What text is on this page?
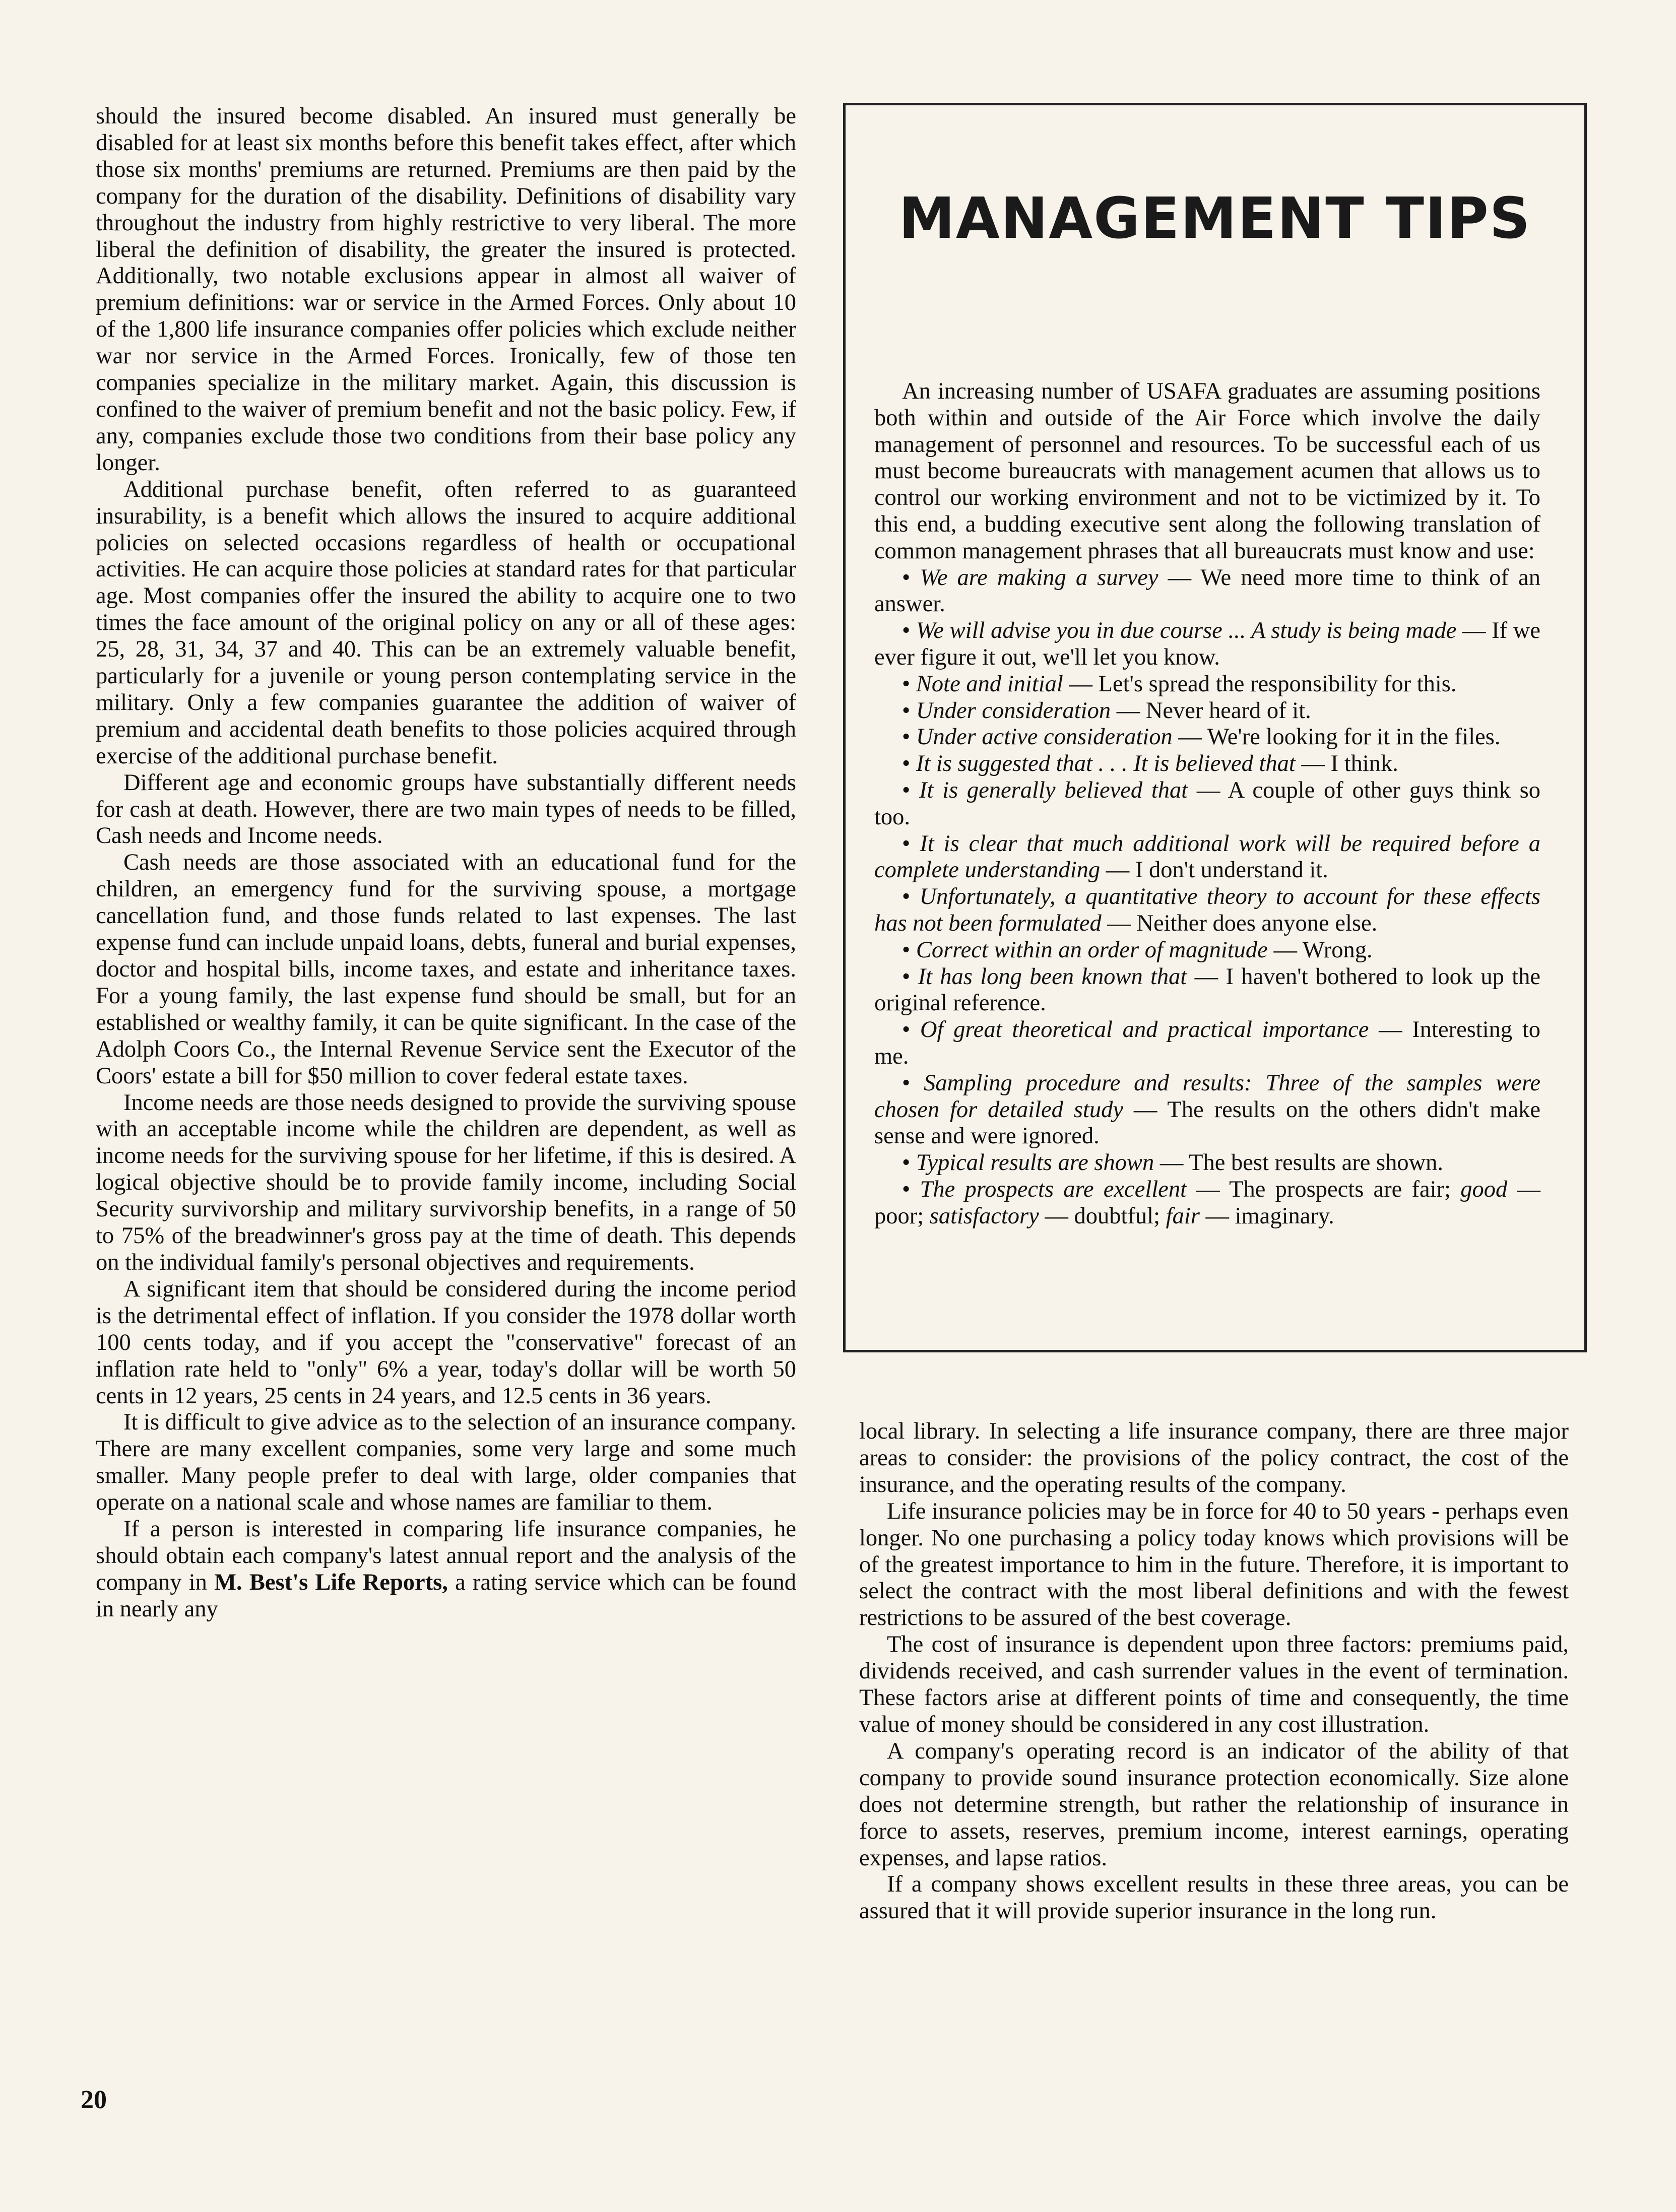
should the insured become disabled. An insured must generally be disabled for at least six months before this benefit takes effect, after which those six months' premiums are returned. Premiums are then paid by the company for the duration of the disability. Definitions of disability vary throughout the industry from highly restrictive to very liberal. The more liberal the definition of disability, the greater the insured is protected. Additionally, two notable exclusions appear in almost all waiver of premium definitions: war or service in the Armed Forces. Only about 10 of the 1,800 life insurance companies offer policies which exclude neither war nor service in the Armed Forces. Ironically, few of those ten companies specialize in the military market. Again, this discussion is confined to the waiver of premium benefit and not the basic policy. Few, if any, companies exclude those two conditions from their base policy any longer.

Additional purchase benefit, often referred to as guaranteed insurability, is a benefit which allows the insured to acquire additional policies on selected occasions regardless of health or occupational activities. He can acquire those policies at standard rates for that particular age. Most companies offer the insured the ability to acquire one to two times the face amount of the original policy on any or all of these ages: 25, 28, 31, 34, 37 and 40. This can be an extremely valuable benefit, particularly for a juvenile or young person contemplating service in the military. Only a few companies guarantee the addition of waiver of premium and accidental death benefits to those policies acquired through exercise of the additional purchase benefit.

Different age and economic groups have substantially different needs for cash at death. However, there are two main types of needs to be filled, Cash needs and Income needs.

Cash needs are those associated with an educational fund for the children, an emergency fund for the surviving spouse, a mortgage cancellation fund, and those funds related to last expenses. The last expense fund can include unpaid loans, debts, funeral and burial expenses, doctor and hospital bills, income taxes, and estate and inheritance taxes. For a young family, the last expense fund should be small, but for an established or wealthy family, it can be quite significant. In the case of the Adolph Coors Co., the Internal Revenue Service sent the Executor of the Coors' estate a bill for $50 million to cover federal estate taxes.

Income needs are those needs designed to provide the surviving spouse with an acceptable income while the children are dependent, as well as income needs for the surviving spouse for her lifetime, if this is desired. A logical objective should be to provide family income, including Social Security survivorship and military survivorship benefits, in a range of 50 to 75% of the breadwinner's gross pay at the time of death. This depends on the individual family's personal objectives and requirements.

A significant item that should be considered during the income period is the detrimental effect of inflation. If you consider the 1978 dollar worth 100 cents today, and if you accept the "conservative" forecast of an inflation rate held to "only" 6% a year, today's dollar will be worth 50 cents in 12 years, 25 cents in 24 years, and 12.5 cents in 36 years.

It is difficult to give advice as to the selection of an insurance company. There are many excellent companies, some very large and some much smaller. Many people prefer to deal with large, older companies that operate on a national scale and whose names are familiar to them.

If a person is interested in comparing life insurance companies, he should obtain each company's latest annual report and the analysis of the company in M. Best's Life Reports, a rating service which can be found in nearly any

MANAGEMENT TIPS

An increasing number of USAFA graduates are assuming positions both within and outside of the Air Force which involve the daily management of personnel and resources. To be successful each of us must become bureaucrats with management acumen that allows us to control our working environment and not to be victimized by it. To this end, a budding executive sent along the following translation of common management phrases that all bureaucrats must know and use:

• We are making a survey — We need more time to think of an answer.

• We will advise you in due course ... A study is being made — If we ever figure it out, we'll let you know.

• Note and initial — Let's spread the responsibility for this.

• Under consideration — Never heard of it.

• Under active consideration — We're looking for it in the files.

• It is suggested that . . . It is believed that — I think.

• It is generally believed that — A couple of other guys think so too.

• It is clear that much additional work will be required before a complete understanding — I don't understand it.

• Unfortunately, a quantitative theory to account for these effects has not been formulated — Neither does anyone else.

• Correct within an order of magnitude — Wrong.

• It has long been known that — I haven't bothered to look up the original reference.

• Of great theoretical and practical importance — Interesting to me.

• Sampling procedure and results: Three of the samples were chosen for detailed study — The results on the others didn't make sense and were ignored.

• Typical results are shown — The best results are shown.

• The prospects are excellent — The prospects are fair; good — poor; satisfactory — doubtful; fair — imaginary.

local library. In selecting a life insurance company, there are three major areas to consider: the provisions of the policy contract, the cost of the insurance, and the operating results of the company.

Life insurance policies may be in force for 40 to 50 years - perhaps even longer. No one purchasing a policy today knows which provisions will be of the greatest importance to him in the future. Therefore, it is important to select the contract with the most liberal definitions and with the fewest restrictions to be assured of the best coverage.

The cost of insurance is dependent upon three factors: premiums paid, dividends received, and cash surrender values in the event of termination. These factors arise at different points of time and consequently, the time value of money should be considered in any cost illustration.

A company's operating record is an indicator of the ability of that company to provide sound insurance protection economically. Size alone does not determine strength, but rather the relationship of insurance in force to assets, reserves, premium income, interest earnings, operating expenses, and lapse ratios.

If a company shows excellent results in these three areas, you can be assured that it will provide superior insurance in the long run.

20
